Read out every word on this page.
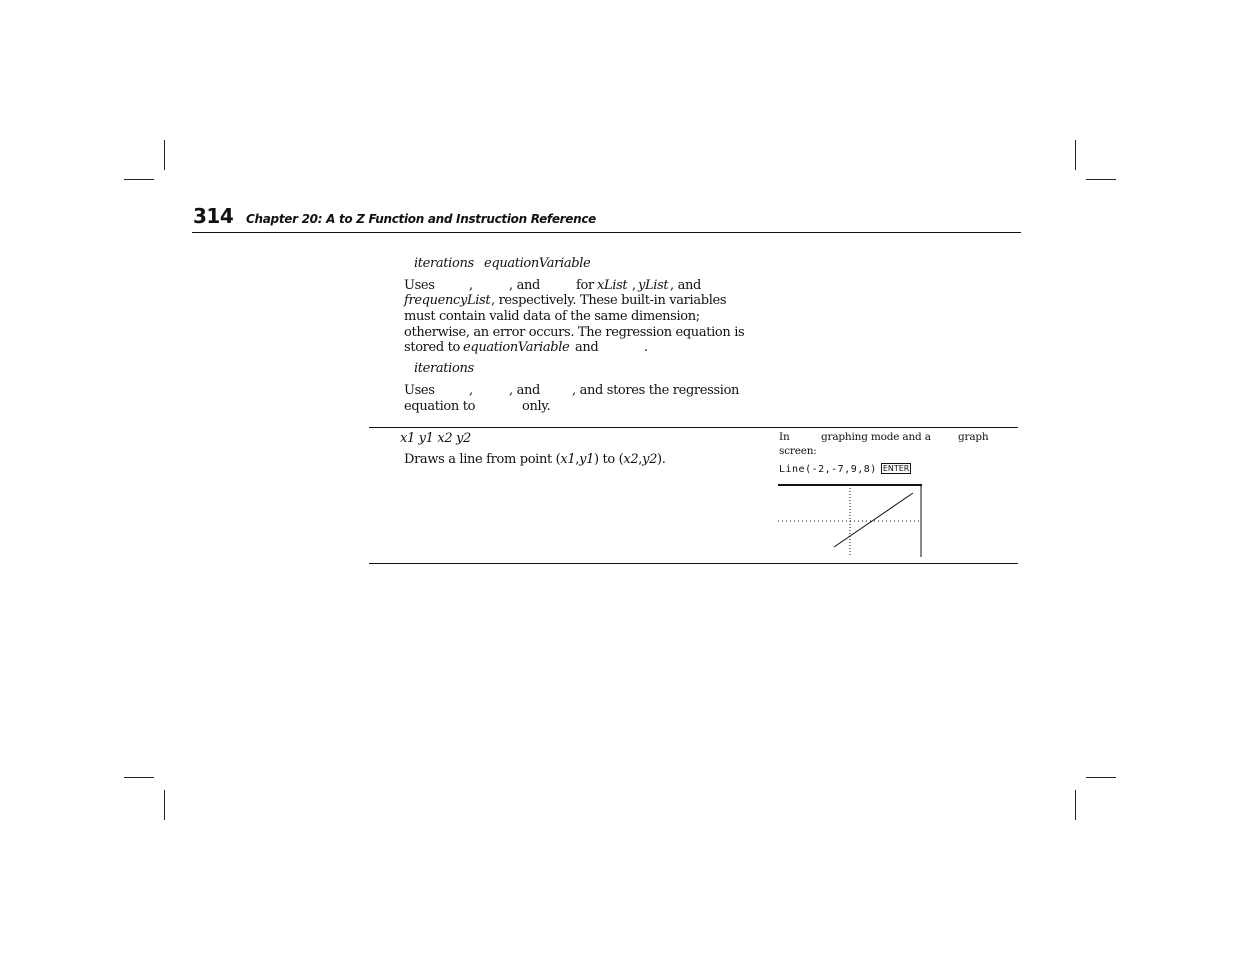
314 Chapter 20: A to Z Function and Instruction Reference
iterations equationVariable
Uses	,	, and	for xList , yList , and
frequencyList , respectively. These built-in variables
must contain valid data of the same dimension;
otherwise, an error occurs. The regression equation is
stored to equationVariable and	.
iterations
Uses	,	, and , and stores the regression
equation to	only.
x1 y1 x2 y2
Draws a line from point (x1,y1) to (x2,y2).
In	graphing mode and a	graph
screen:
Line(-2,-7,9,8) ENTER
